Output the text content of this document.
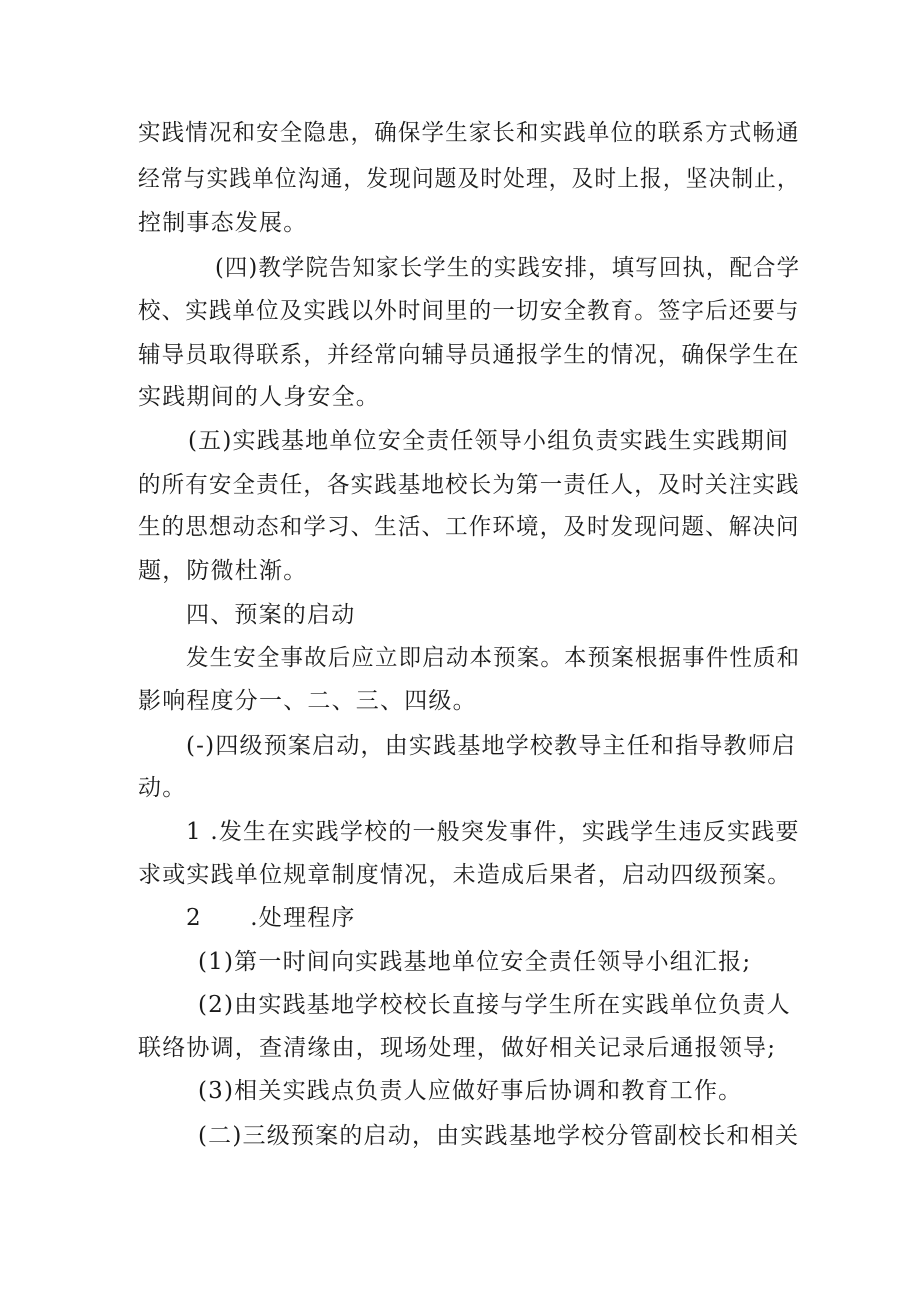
实践情况和安全隐患，确保学生家长和实践单位的联系方式畅通
经常与实践单位沟通，发现问题及时处理，及时上报，坚决制止，
控制事态发展。
(四)教学院告知家长学生的实践安排，填写回执，配合学
校、实践单位及实践以外时间里的一切安全教育。签字后还要与
辅导员取得联系，并经常向辅导员通报学生的情况，确保学生在
实践期间的人身安全。
(五)实践基地单位安全责任领导小组负责实践生实践期间
的所有安全责任，各实践基地校长为第一责任人，及时关注实践
生的思想动态和学习、生活、工作环境，及时发现问题、解决问
题，防微杜渐。
四、预案的启动
发生安全事故后应立即启动本预案。本预案根据事件性质和
影响程度分一、二、三、四级。
(-)四级预案启动，由实践基地学校教导主任和指导教师启
动。
1 .发生在实践学校的一般突发事件，实践学生违反实践要
求或实践单位规章制度情况，未造成后果者，启动四级预案。
2　　.处理程序
(1)第一时间向实践基地单位安全责任领导小组汇报;
(2)由实践基地学校校长直接与学生所在实践单位负责人
联络协调，查清缘由，现场处理，做好相关记录后通报领导;
(3)相关实践点负责人应做好事后协调和教育工作。
(二)三级预案的启动，由实践基地学校分管副校长和相关
